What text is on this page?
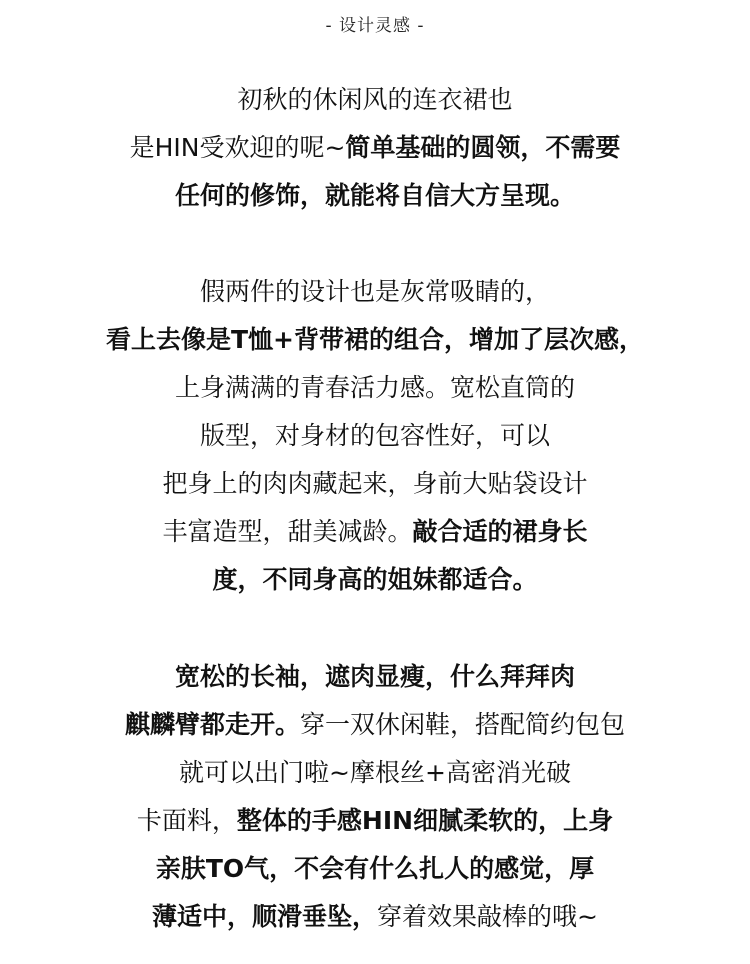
- 设计灵感 -
初秋的休闲风的连衣裙也
是HIN受欢迎的呢~简单基础的圆领，不需要
任何的修饰，就能将自信大方呈现。
假两件的设计也是灰常吸睛的，
看上去像是T恤+背带裙的组合，增加了层次感，
上身满满的青春活力感。宽松直筒的
版型，对身材的包容性好，可以
把身上的肉肉藏起来，身前大贴袋设计
丰富造型，甜美减龄。敲合适的裙身长
度，不同身高的姐妹都适合。
宽松的长袖，遮肉显瘦，什么拜拜肉
麒麟臂都走开。穿一双休闲鞋，搭配简约包包
就可以出门啦~摩根丝+高密消光破
卡面料，整体的手感HIN细腻柔软的，上身
亲肤TO气，不会有什么扎人的感觉，厚
薄适中，顺滑垂坠，穿着效果敲棒的哦~
